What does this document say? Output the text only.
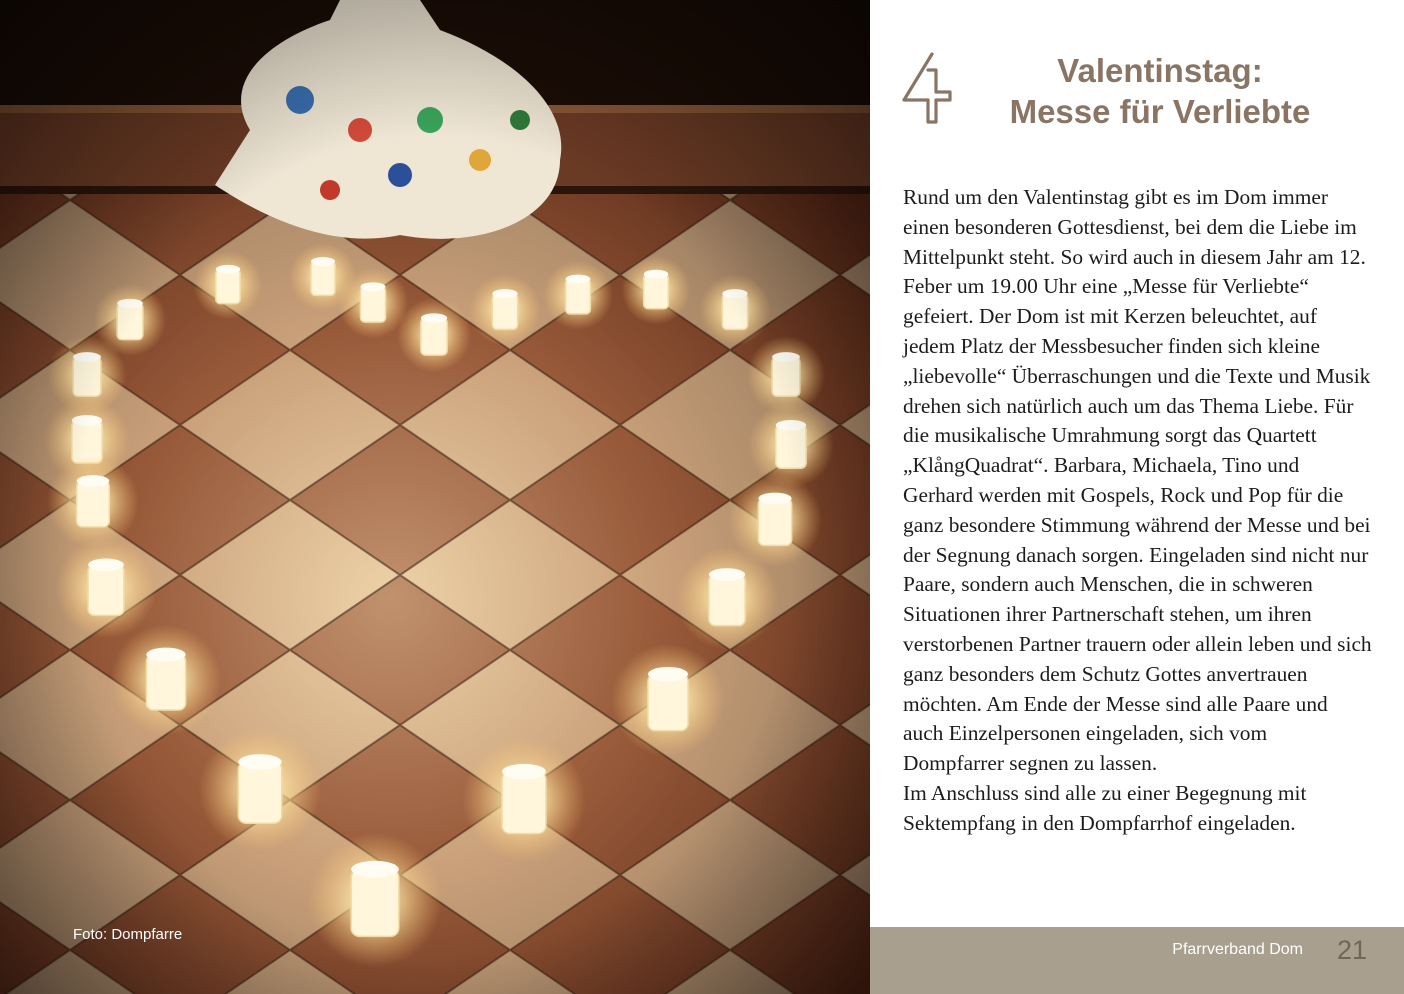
Foto: Dompfarre
Valentinstag:
Messe für Verliebte

Rund um den Valentinstag gibt es im Dom immer einen besonderen Gottesdienst, bei dem die Liebe im Mittelpunkt steht. So wird auch in diesem Jahr am 12. Feber um 19.00 Uhr eine „Messe für Verliebte“ gefeiert. Der Dom ist mit Kerzen beleuchtet, auf jedem Platz der Messbesucher finden sich kleine „liebevolle“ Überraschungen und die Texte und Musik drehen sich natürlich auch um das Thema Liebe. Für die musikalische Umrahmung sorgt das Quartett „KlångQuadrat“. Barbara, Michaela, Tino und Gerhard werden mit Gospels, Rock und Pop für die ganz besondere Stimmung während der Messe und bei der Segnung danach sorgen. Eingeladen sind nicht nur Paare, sondern auch Menschen, die in schweren Situationen ihrer Partnerschaft stehen, um ihren verstorbenen Partner trauern oder allein leben und sich ganz besonders dem Schutz Gottes anvertrauen möchten. Am Ende der Messe sind alle Paare und auch Einzelpersonen eingeladen, sich vom Dompfarrer segnen zu lassen.

Im Anschluss sind alle zu einer Begegnung mit Sektempfang in den Dompfarrhof eingeladen.

Pfarrverband Dom 21
